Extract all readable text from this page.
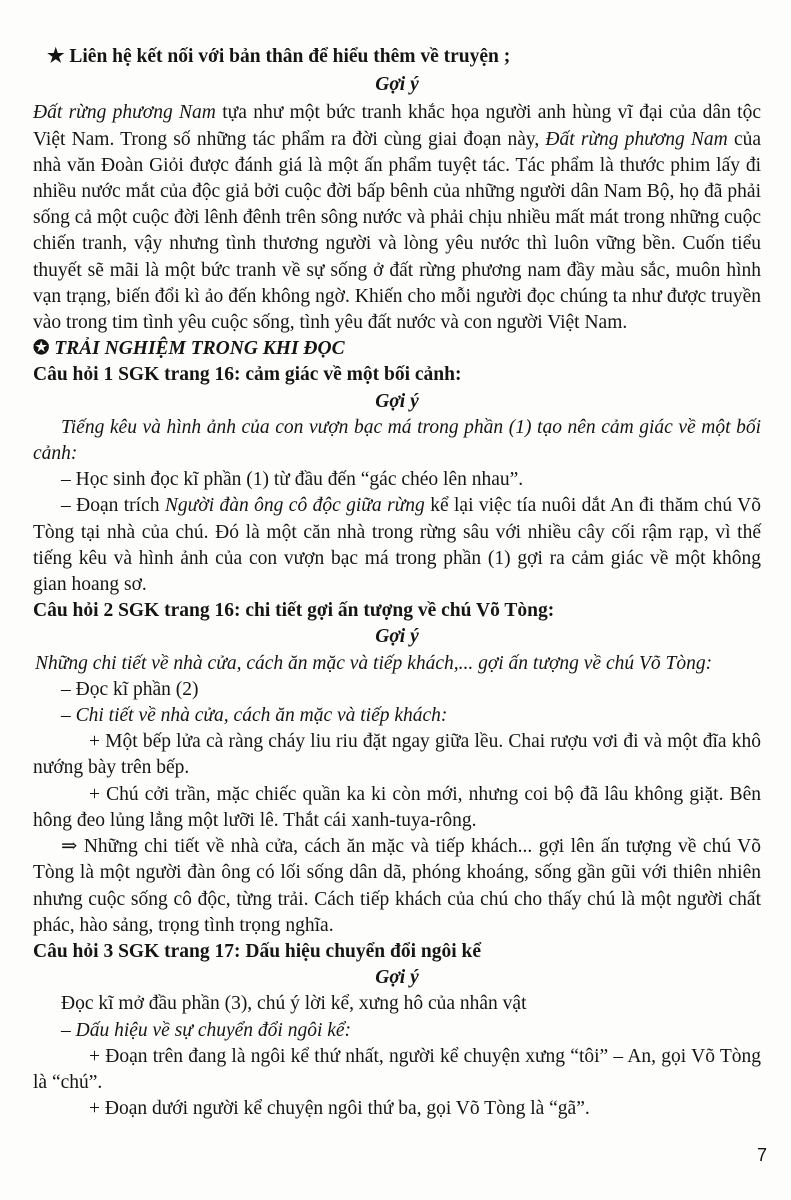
★ Liên hệ kết nối với bản thân để hiểu thêm về truyện ;

Gợi ý

Đất rừng phương Nam tựa như một bức tranh khắc họa người anh hùng vĩ đại của dân tộc Việt Nam. Trong số những tác phẩm ra đời cùng giai đoạn này, Đất rừng phương Nam của nhà văn Đoàn Giỏi được đánh giá là một ấn phẩm tuyệt tác. Tác phẩm là thước phim lấy đi nhiều nước mắt của độc giả bởi cuộc đời bấp bênh của những người dân Nam Bộ, họ đã phải sống cả một cuộc đời lênh đênh trên sông nước và phải chịu nhiều mất mát trong những cuộc chiến tranh, vậy nhưng tình thương người và lòng yêu nước thì luôn vững bền. Cuốn tiểu thuyết sẽ mãi là một bức tranh về sự sống ở đất rừng phương nam đầy màu sắc, muôn hình vạn trạng, biến đổi kì ảo đến không ngờ. Khiến cho mỗi người đọc chúng ta như được truyền vào trong tim tình yêu cuộc sống, tình yêu đất nước và con người Việt Nam.

✪ TRẢI NGHIỆM TRONG KHI ĐỌC

Câu hỏi 1 SGK trang 16: cảm giác về một bối cảnh:

Gợi ý

Tiếng kêu và hình ảnh của con vượn bạc má trong phần (1) tạo nên cảm giác về một bối cảnh:

– Học sinh đọc kĩ phần (1) từ đầu đến “gác chéo lên nhau”.

– Đoạn trích Người đàn ông cô độc giữa rừng kể lại việc tía nuôi dắt An đi thăm chú Võ Tòng tại nhà của chú. Đó là một căn nhà trong rừng sâu với nhiều cây cối rậm rạp, vì thế tiếng kêu và hình ảnh của con vượn bạc má trong phần (1) gợi ra cảm giác về một không gian hoang sơ.

Câu hỏi 2 SGK trang 16: chi tiết gợi ấn tượng về chú Võ Tòng:

Gợi ý

Những chi tiết về nhà cửa, cách ăn mặc và tiếp khách,... gợi ấn tượng về chú Võ Tòng:

– Đọc kĩ phần (2)

– Chi tiết về nhà cửa, cách ăn mặc và tiếp khách:

+ Một bếp lửa cà ràng cháy liu riu đặt ngay giữa lều. Chai rượu vơi đi và một đĩa khô nướng bày trên bếp.

+ Chú cởi trần, mặc chiếc quần ka ki còn mới, nhưng coi bộ đã lâu không giặt. Bên hông đeo lủng lẳng một lưỡi lê. Thắt cái xanh-tuya-rông.

⇒ Những chi tiết về nhà cửa, cách ăn mặc và tiếp khách... gợi lên ấn tượng về chú Võ Tòng là một người đàn ông có lối sống dân dã, phóng khoáng, sống gần gũi với thiên nhiên nhưng cuộc sống cô độc, từng trải. Cách tiếp khách của chú cho thấy chú là một người chất phác, hào sảng, trọng tình trọng nghĩa.

Câu hỏi 3 SGK trang 17: Dấu hiệu chuyển đổi ngôi kể

Gợi ý

Đọc kĩ mở đầu phần (3), chú ý lời kể, xưng hô của nhân vật

– Dấu hiệu về sự chuyển đổi ngôi kể:

+ Đoạn trên đang là ngôi kể thứ nhất, người kể chuyện xưng “tôi” – An, gọi Võ Tòng là “chú”.

+ Đoạn dưới người kể chuyện ngôi thứ ba, gọi Võ Tòng là “gã”.

7
